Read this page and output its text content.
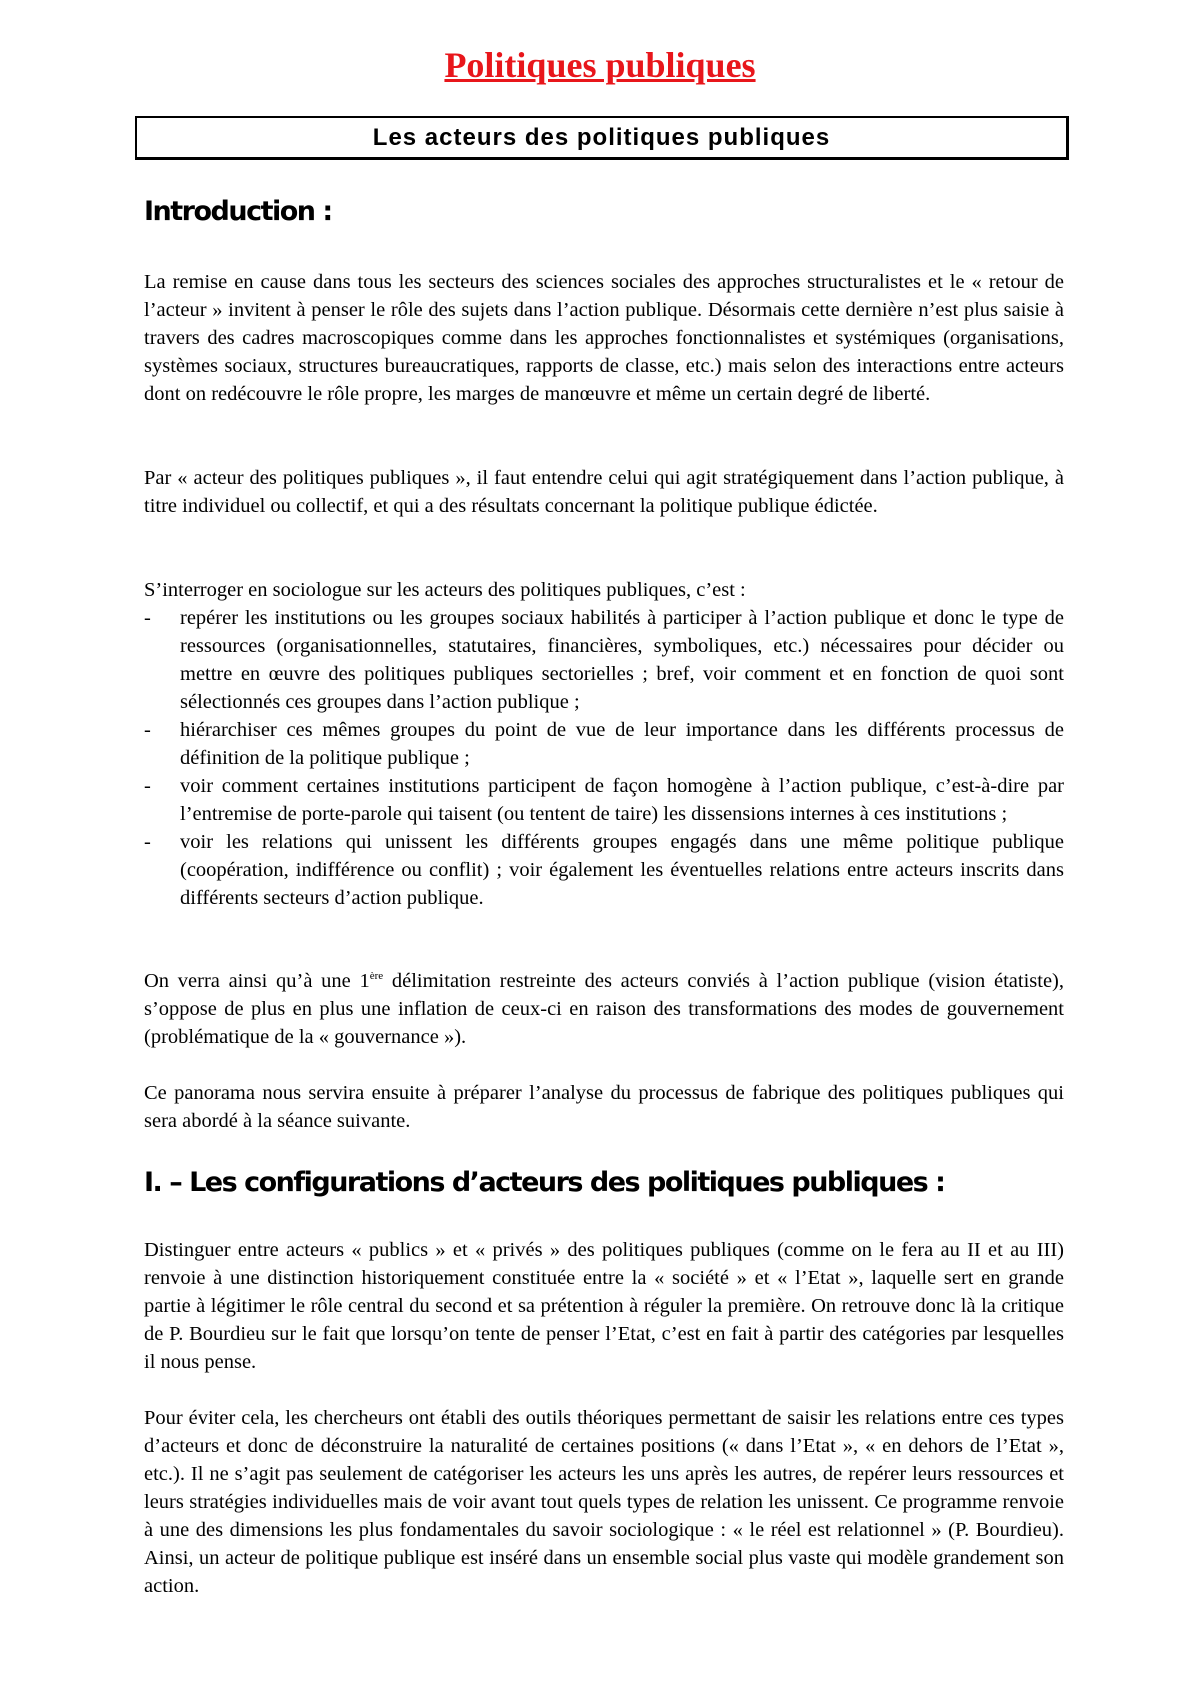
Politiques publiques
Les acteurs des politiques publiques
Introduction :

La remise en cause dans tous les secteurs des sciences sociales des approches structuralistes et le « retour de l’acteur » invitent à penser le rôle des sujets dans l’action publique. Désormais cette dernière n’est plus saisie à travers des cadres macroscopiques comme dans les approches fonctionnalistes et systémiques (organisations, systèmes sociaux, structures bureaucratiques, rapports de classe, etc.) mais selon des interactions entre acteurs dont on redécouvre le rôle propre, les marges de manœuvre et même un certain degré de liberté.

Par « acteur des politiques publiques », il faut entendre celui qui agit stratégiquement dans l’action publique, à titre individuel ou collectif, et qui a des résultats concernant la politique publique édictée.

S’interroger en sociologue sur les acteurs des politiques publiques, c’est :

- repérer les institutions ou les groupes sociaux habilités à participer à l’action publique et donc le type de ressources (organisationnelles, statutaires, financières, symboliques, etc.) nécessaires pour décider ou mettre en œuvre des politiques publiques sectorielles ; bref, voir comment et en fonction de quoi sont sélectionnés ces groupes dans l’action publique ;
- hiérarchiser ces mêmes groupes du point de vue de leur importance dans les différents processus de définition de la politique publique ;
- voir comment certaines institutions participent de façon homogène à l’action publique, c’est-à-dire par l’entremise de porte-parole qui taisent (ou tentent de taire) les dissensions internes à ces institutions ;
- voir les relations qui unissent les différents groupes engagés dans une même politique publique (coopération, indifférence ou conflit) ; voir également les éventuelles relations entre acteurs inscrits dans différents secteurs d’action publique.

On verra ainsi qu’à une 1ère délimitation restreinte des acteurs conviés à l’action publique (vision étatiste), s’oppose de plus en plus une inflation de ceux-ci en raison des transformations des modes de gouvernement (problématique de la « gouvernance »).

Ce panorama nous servira ensuite à préparer l’analyse du processus de fabrique des politiques publiques qui sera abordé à la séance suivante.

I. – Les configurations d’acteurs des politiques publiques :

Distinguer entre acteurs « publics » et « privés » des politiques publiques (comme on le fera au II et au III) renvoie à une distinction historiquement constituée entre la « société » et « l’Etat », laquelle sert en grande partie à légitimer le rôle central du second et sa prétention à réguler la première. On retrouve donc là la critique de P. Bourdieu sur le fait que lorsqu’on tente de penser l’Etat, c’est en fait à partir des catégories par lesquelles il nous pense.

Pour éviter cela, les chercheurs ont établi des outils théoriques permettant de saisir les relations entre ces types d’acteurs et donc de déconstruire la naturalité de certaines positions (« dans l’Etat », « en dehors de l’Etat », etc.). Il ne s’agit pas seulement de catégoriser les acteurs les uns après les autres, de repérer leurs ressources et leurs stratégies individuelles mais de voir avant tout quels types de relation les unissent. Ce programme renvoie à une des dimensions les plus fondamentales du savoir sociologique : « le réel est relationnel » (P. Bourdieu). Ainsi, un acteur de politique publique est inséré dans un ensemble social plus vaste qui modèle grandement son action.
